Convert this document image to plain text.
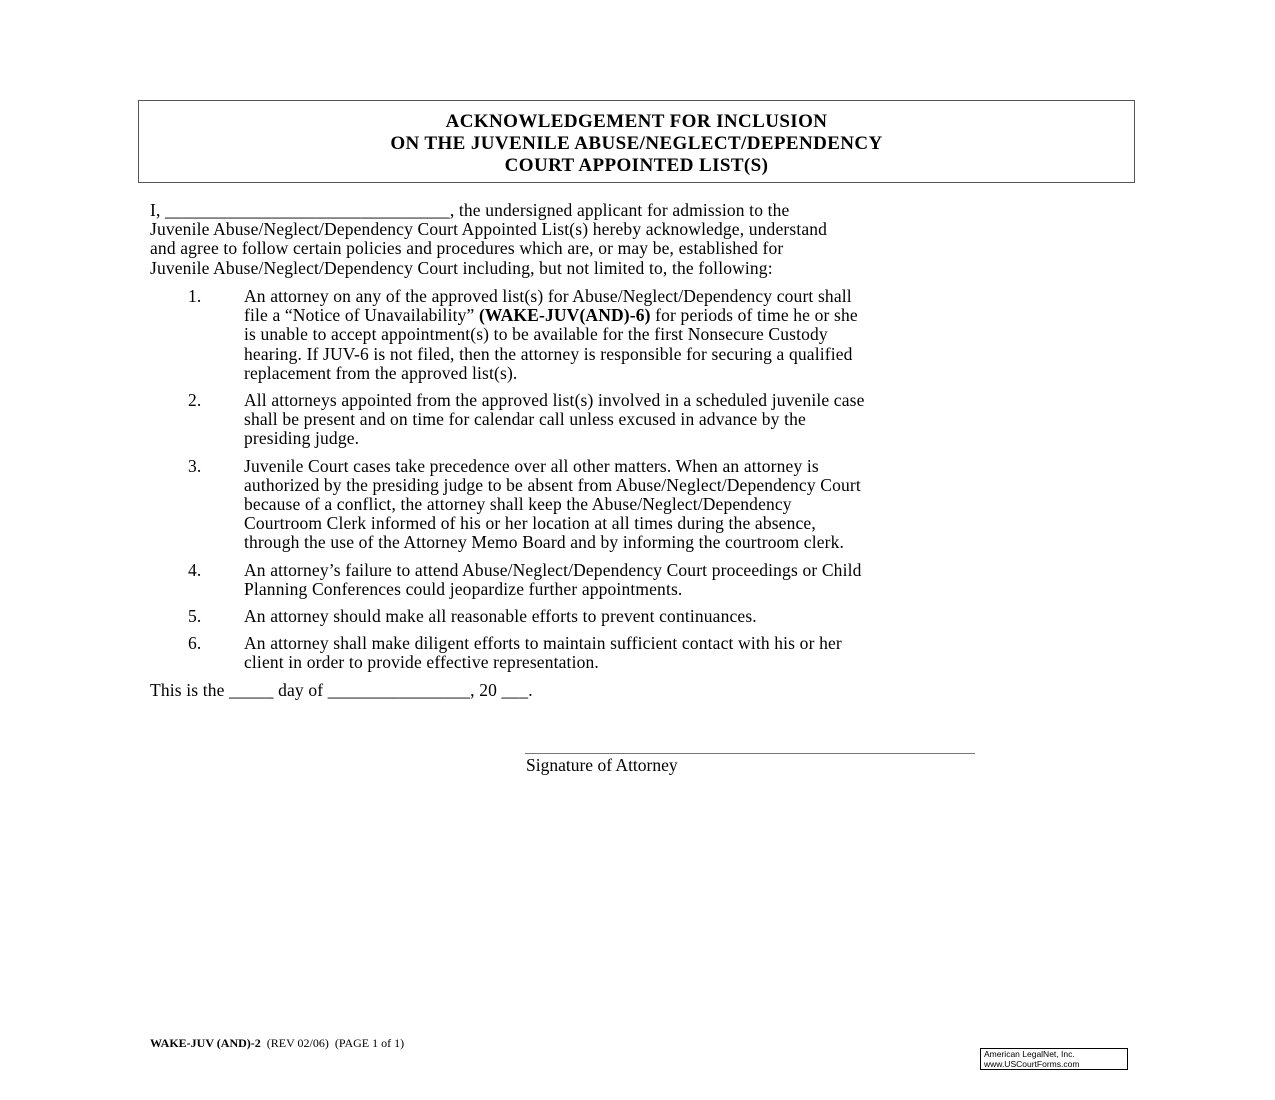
ACKNOWLEDGEMENT FOR INCLUSION
ON THE JUVENILE ABUSE/NEGLECT/DEPENDENCY
COURT APPOINTED LIST(S)
I, ________________________________, the undersigned applicant for admission to the
Juvenile Abuse/Neglect/Dependency Court Appointed List(s) hereby acknowledge, understand
and agree to follow certain policies and procedures which are, or may be, established for
Juvenile Abuse/Neglect/Dependency Court including, but not limited to, the following:
1. An attorney on any of the approved list(s) for Abuse/Neglect/Dependency court shall
file a “Notice of Unavailability” (WAKE-JUV(AND)-6) for periods of time he or she
is unable to accept appointment(s) to be available for the first Nonsecure Custody
hearing. If JUV-6 is not filed, then the attorney is responsible for securing a qualified
replacement from the approved list(s).
2. All attorneys appointed from the approved list(s) involved in a scheduled juvenile case
shall be present and on time for calendar call unless excused in advance by the
presiding judge.
3. Juvenile Court cases take precedence over all other matters. When an attorney is
authorized by the presiding judge to be absent from Abuse/Neglect/Dependency Court
because of a conflict, the attorney shall keep the Abuse/Neglect/Dependency
Courtroom Clerk informed of his or her location at all times during the absence,
through the use of the Attorney Memo Board and by informing the courtroom clerk.
4. An attorney’s failure to attend Abuse/Neglect/Dependency Court proceedings or Child
Planning Conferences could jeopardize further appointments.
5. An attorney should make all reasonable efforts to prevent continuances.
6. An attorney shall make diligent efforts to maintain sufficient contact with his or her
client in order to provide effective representation.
This is the _____ day of ________________, 20 ___.
Signature of Attorney
WAKE-JUV (AND)-2  (REV 02/06)  (PAGE 1 of 1)
American LegalNet, Inc.
www.USCourtForms.com
